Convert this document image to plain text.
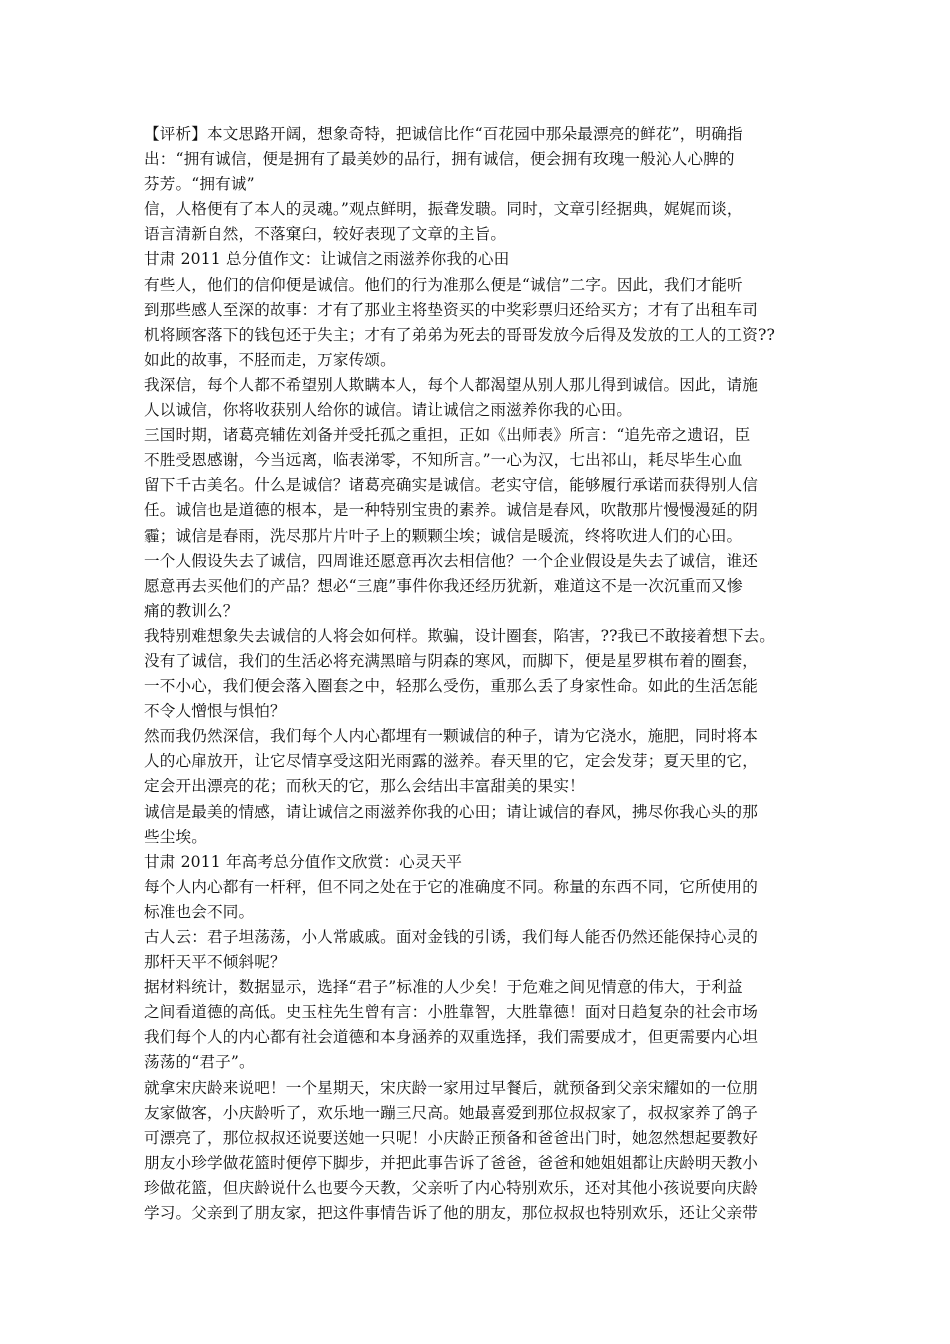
【评析】本文思路开阔，想象奇特，把诚信比作“百花园中那朵最漂亮的鲜花”，明确指
出：“拥有诚信，便是拥有了最美妙的品行，拥有诚信，便会拥有玫瑰一般沁人心脾的
芬芳。“拥有诚”
信，人格便有了本人的灵魂。”观点鲜明，振聋发聩。同时，文章引经据典，娓娓而谈，
语言清新自然，不落窠臼，较好表现了文章的主旨。
甘肃 2011 总分值作文：让诚信之雨滋养你我的心田
有些人，他们的信仰便是诚信。他们的行为准那么便是“诚信”二字。因此，我们才能听
到那些感人至深的故事：才有了那业主将垫资买的中奖彩票归还给买方；才有了出租车司
机将顾客落下的钱包还于失主；才有了弟弟为死去的哥哥发放今后得及发放的工人的工资??
如此的故事，不胫而走，万家传颂。
我深信，每个人都不希望别人欺瞒本人，每个人都渴望从别人那儿得到诚信。因此，请施
人以诚信，你将收获别人给你的诚信。请让诚信之雨滋养你我的心田。
三国时期，诸葛亮辅佐刘备并受托孤之重担，正如《出师表》所言：“追先帝之遗诏，臣
不胜受恩感谢，今当远离，临表涕零，不知所言。”一心为汉，七出祁山，耗尽毕生心血
留下千古美名。什么是诚信？诸葛亮确实是诚信。老实守信，能够履行承诺而获得别人信
任。诚信也是道德的根本，是一种特别宝贵的素养。诚信是春风，吹散那片慢慢漫延的阴
霾；诚信是春雨，洗尽那片片叶子上的颗颗尘埃；诚信是暖流，终将吹进人们的心田。
一个人假设失去了诚信，四周谁还愿意再次去相信他？一个企业假设是失去了诚信，谁还
愿意再去买他们的产品？想必“三鹿”事件你我还经历犹新，难道这不是一次沉重而又惨
痛的教训么？
我特别难想象失去诚信的人将会如何样。欺骗，设计圈套，陷害，??我已不敢接着想下去。
没有了诚信，我们的生活必将充满黑暗与阴森的寒风，而脚下，便是星罗棋布着的圈套，
一不小心，我们便会落入圈套之中，轻那么受伤，重那么丢了身家性命。如此的生活怎能
不令人憎恨与惧怕？
然而我仍然深信，我们每个人内心都埋有一颗诚信的种子，请为它浇水，施肥，同时将本
人的心扉放开，让它尽情享受这阳光雨露的滋养。春天里的它，定会发芽；夏天里的它，
定会开出漂亮的花；而秋天的它，那么会结出丰富甜美的果实！
诚信是最美的情感，请让诚信之雨滋养你我的心田；请让诚信的春风，拂尽你我心头的那
些尘埃。
甘肃 2011 年高考总分值作文欣赏：心灵天平
每个人内心都有一杆秤，但不同之处在于它的准确度不同。称量的东西不同，它所使用的
标准也会不同。
古人云：君子坦荡荡，小人常戚戚。面对金钱的引诱，我们每人能否仍然还能保持心灵的
那杆天平不倾斜呢？
据材料统计，数据显示，选择“君子”标准的人少矣！于危难之间见情意的伟大，于利益
之间看道德的高低。史玉柱先生曾有言：小胜靠智，大胜靠德！面对日趋复杂的社会市场
我们每个人的内心都有社会道德和本身涵养的双重选择，我们需要成才，但更需要内心坦
荡荡的“君子”。
就拿宋庆龄来说吧！一个星期天，宋庆龄一家用过早餐后，就预备到父亲宋耀如的一位朋
友家做客，小庆龄听了，欢乐地一蹦三尺高。她最喜爱到那位叔叔家了，叔叔家养了鸽子
可漂亮了，那位叔叔还说要送她一只呢！小庆龄正预备和爸爸出门时，她忽然想起要教好
朋友小珍学做花篮时便停下脚步，并把此事告诉了爸爸，爸爸和她姐姐都让庆龄明天教小
珍做花篮，但庆龄说什么也要今天教，父亲听了内心特别欢乐，还对其他小孩说要向庆龄
学习。父亲到了朋友家，把这件事情告诉了他的朋友，那位叔叔也特别欢乐，还让父亲带
